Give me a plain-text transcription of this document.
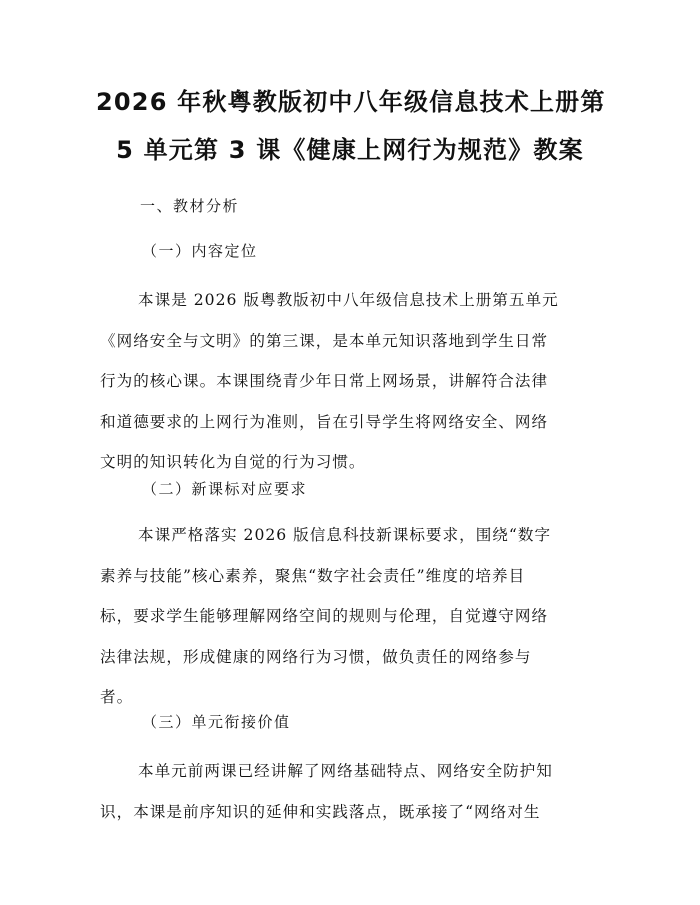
2026 年秋粤教版初中八年级信息技术上册第
5 单元第 3 课《健康上网行为规范》教案
一、教材分析
（一）内容定位
本课是 2026 版粤教版初中八年级信息技术上册第五单元
《网络安全与文明》的第三课，是本单元知识落地到学生日常
行为的核心课。本课围绕青少年日常上网场景，讲解符合法律
和道德要求的上网行为准则，旨在引导学生将网络安全、网络
文明的知识转化为自觉的行为习惯。
（二）新课标对应要求
本课严格落实 2026 版信息科技新课标要求，围绕“数字
素养与技能”核心素养，聚焦“数字社会责任”维度的培养目
标，要求学生能够理解网络空间的规则与伦理，自觉遵守网络
法律法规，形成健康的网络行为习惯，做负责任的网络参与
者。
（三）单元衔接价值
本单元前两课已经讲解了网络基础特点、网络安全防护知
识，本课是前序知识的延伸和实践落点，既承接了“网络对生
